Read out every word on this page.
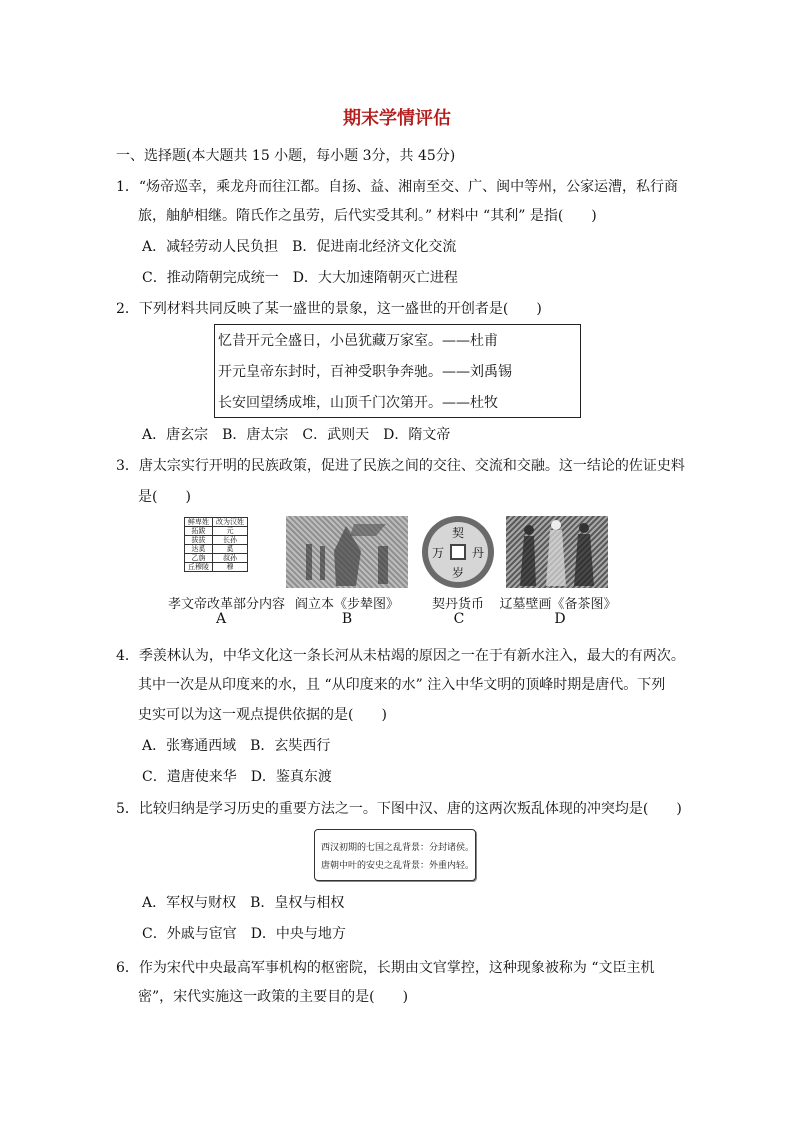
期末学情评估
一、选择题(本大题共 15 小题，每小题 3分，共 45分)
1．“炀帝巡幸，乘龙舟而往江都。自扬、益、湘南至交、广、闽中等州，公家运漕，私行商
旅，舳舻相继。隋氏作之虽劳，后代实受其利。” 材料中 “其利” 是指(　　)
A．减轻劳动人民负担　B．促进南北经济文化交流
C．推动隋朝完成统一　D．大大加速隋朝灭亡进程
2．下列材料共同反映了某一盛世的景象，这一盛世的开创者是(　　)
忆昔开元全盛日，小邑犹藏万家室。——杜甫
开元皇帝东封时，百神受职争奔驰。——刘禹锡
长安回望绣成堆，山顶千门次第开。——杜牧
A．唐玄宗　B．唐太宗　C．武则天　D．隋文帝
3．唐太宗实行开明的民族政策，促进了民族之间的交往、交流和交融。这一结论的佐证史料
是(　　)
鲜卑姓	改为汉姓
拓跋	元
拔拔	长孙
达奚	奚
乙旃	叔孙
丘穆陵	穆
契
丹
万
岁
孝文帝改革部分内容 阎立本《步辇图》	契丹货币	辽墓壁画《备茶图》
A	B	C	D
4．季羡林认为，中华文化这一条长河从未枯竭的原因之一在于有新水注入，最大的有两次。
其中一次是从印度来的水，且 “从印度来的水” 注入中华文明的顶峰时期是唐代。下列
史实可以为这一观点提供依据的是(　　)
A．张骞通西域　B．玄奘西行
C．遣唐使来华　D．鉴真东渡
5．比较归纳是学习历史的重要方法之一。下图中汉、唐的这两次叛乱体现的冲突均是(　　)
西汉初期的七国之乱背景：分封诸侯。
唐朝中叶的安史之乱背景：外重内轻。
A．军权与财权　B．皇权与相权
C．外戚与宦官　D．中央与地方
6．作为宋代中央最高军事机构的枢密院，长期由文官掌控，这种现象被称为 “文臣主机
密”，宋代实施这一政策的主要目的是(　　)
